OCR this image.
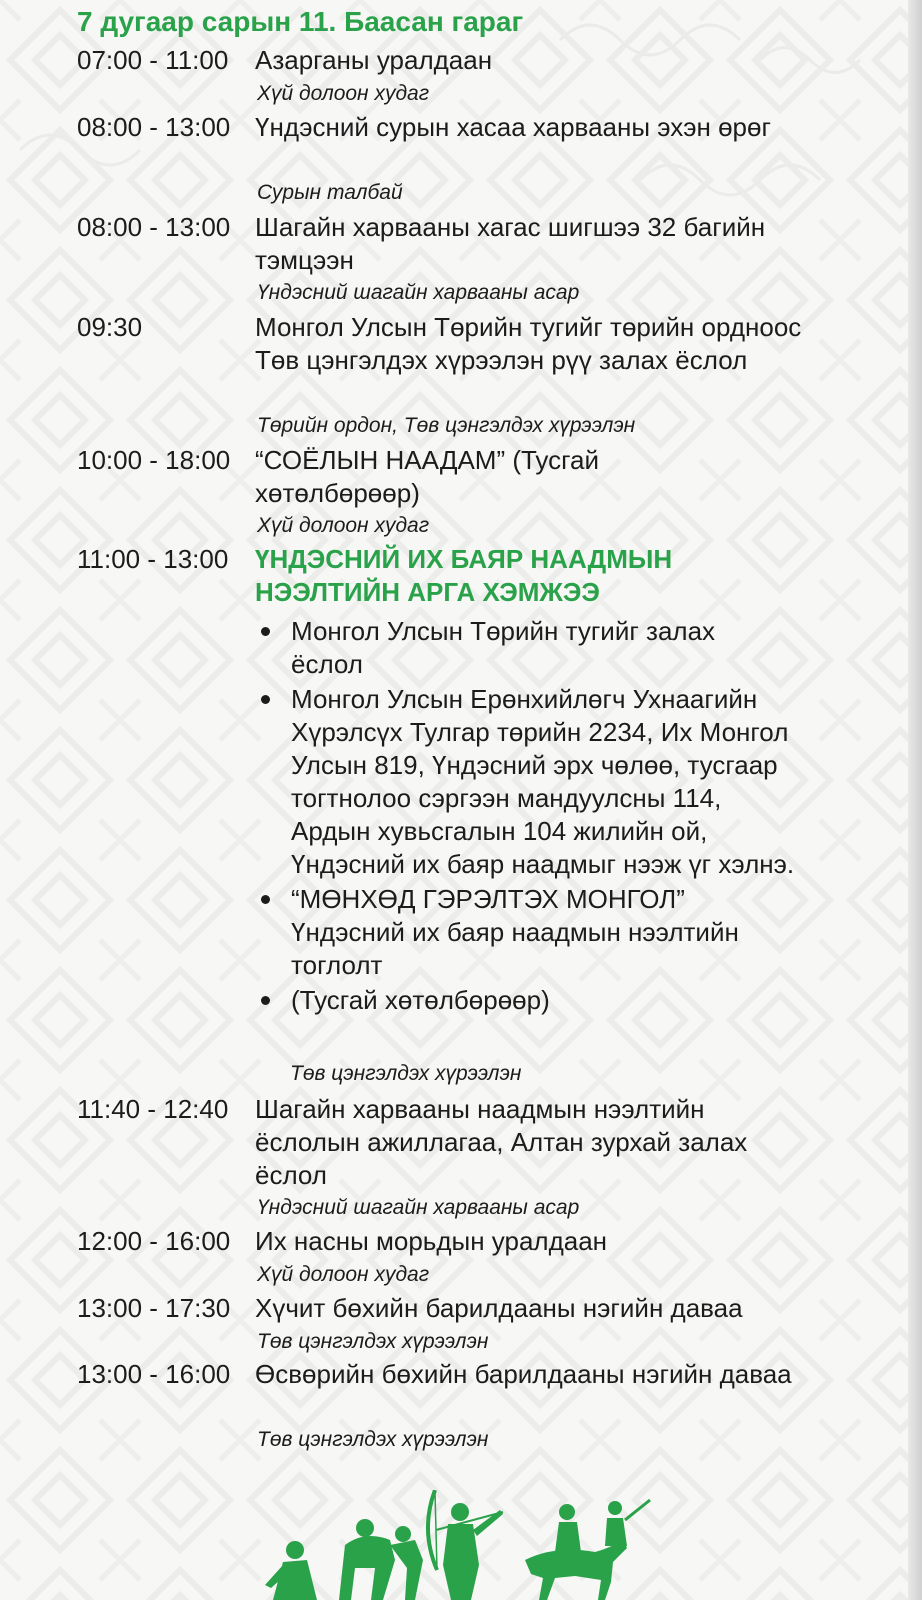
7 дугаар сарын 11. Баасан гараг
07:00 - 11:00 Азарганы уралдаан
Хүй долоон худаг
08:00 - 13:00 Үндэсний сурын хасаа харвааны эхэн өрөг
Сурын талбай
08:00 - 13:00 Шагайн харвааны хагас шигшээ 32 багийн тэмцээн
Үндэсний шагайн харвааны асар
09:30	Монгол Улсын Төрийн тугийг төрийн ордноос Төв цэнгэлдэх хүрээлэн рүү залах ёслол
Төрийн ордон, Төв цэнгэлдэх хүрээлэн
10:00 - 18:00 “СОЁЛЫН НААДАМ” (Тусгай хөтөлбөрөөр)
Хүй долоон худаг
11:00 - 13:00 ҮНДЭСНИЙ ИХ БАЯР НААДМЫН НЭЭЛТИЙН АРГА ХЭМЖЭЭ
Монгол Улсын Төрийн тугийг залах ёслол
Монгол Улсын Ерөнхийлөгч Ухнаагийн Хүрэлсүх Тулгар төрийн 2234, Их Монгол Улсын 819, Үндэсний эрх чөлөө, тусгаар тогтнолоо сэргээн мандуулсны 114, Ардын хувьсгалын 104 жилийн ой, Үндэсний их баяр наадмыг нээж үг хэлнэ.
“МӨНХӨД ГЭРЭЛТЭХ МОНГОЛ” Үндэсний их баяр наадмын нээлтийн тоглолт
(Тусгай хөтөлбөрөөр)
Төв цэнгэлдэх хүрээлэн
11:40 - 12:40 Шагайн харвааны наадмын нээлтийн ёслолын ажиллагаа, Алтан зурхай залах ёслол
Үндэсний шагайн харвааны асар
12:00 - 16:00 Их насны морьдын уралдаан
Хүй долоон худаг
13:00 - 17:30 Хүчит бөхийн барилдааны нэгийн даваа
Төв цэнгэлдэх хүрээлэн
13:00 - 16:00 Өсвөрийн бөхийн барилдааны нэгийн даваа
Төв цэнгэлдэх хүрээлэн
